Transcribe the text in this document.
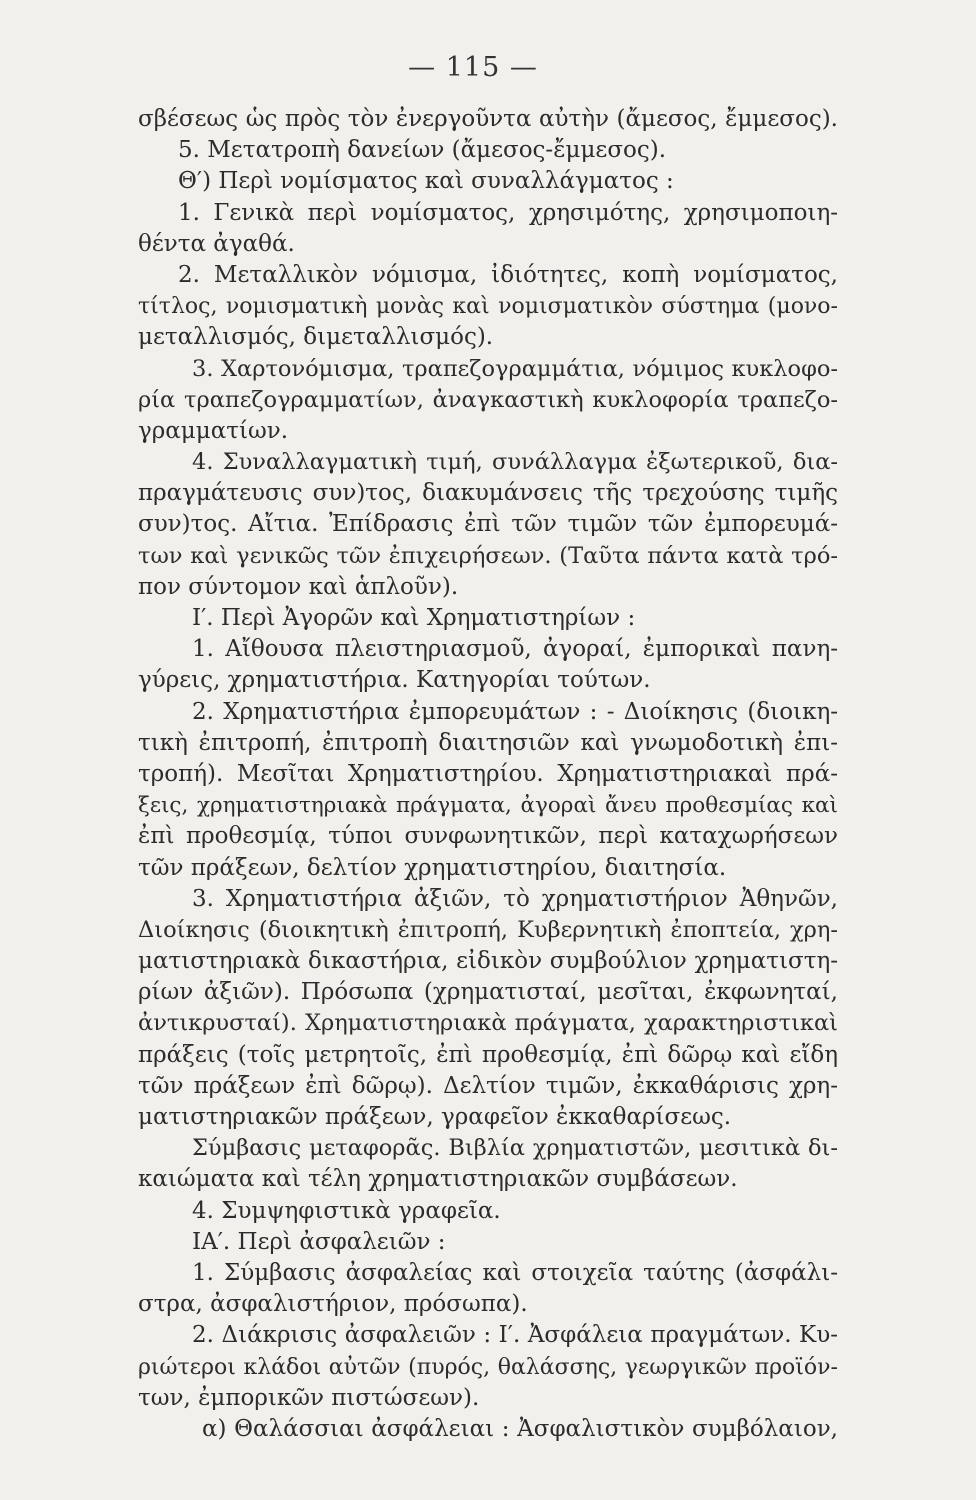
— 115 —
σβέσεως ὡς πρὸς τὸν ἐνεργοῦντα αὐτὴν (ἄμεσος, ἔμμεσος).
5. Μετατροπὴ δανείων (ἄμεσος-ἔμμεσος).
Θ′) Περὶ νομίσματος καὶ συναλλάγματος :
1. Γενικὰ περὶ νομίσματος, χρησιμότης, χρησιμοποιη-
θέντα ἀγαθά.
2. Μεταλλικὸν νόμισμα, ἰδιότητες, κοπὴ νομίσματος,
τίτλος, νομισματικὴ μονὰς καὶ νομισματικὸν σύστημα (μονο-
μεταλλισμός, διμεταλλισμός).
3. Χαρτονόμισμα, τραπεζογραμμάτια, νόμιμος κυκλοφο-
ρία τραπεζογραμματίων, ἀναγκαστικὴ κυκλοφορία τραπεζο-
γραμματίων.
4. Συναλλαγματικὴ τιμή, συνάλλαγμα ἐξωτερικοῦ, δια-
πραγμάτευσις συν)τος, διακυμάνσεις τῆς τρεχούσης τιμῆς
συν)τος. Αἴτια. Ἐπίδρασις ἐπὶ τῶν τιμῶν τῶν ἐμπορευμά-
των καὶ γενικῶς τῶν ἐπιχειρήσεων. (Ταῦτα πάντα κατὰ τρό-
πον σύντομον καὶ ἁπλοῦν).
Ι′. Περὶ Ἀγορῶν καὶ Χρηματιστηρίων :
1. Αἴθουσα πλειστηριασμοῦ, ἀγοραί, ἐμπορικαὶ πανη-
γύρεις, χρηματιστήρια. Κατηγορίαι τούτων.
2. Χρηματιστήρια ἐμπορευμάτων : - Διοίκησις (διοικη-
τικὴ ἐπιτροπή, ἐπιτροπὴ διαιτησιῶν καὶ γνωμοδοτικὴ ἐπι-
τροπή). Μεσῖται Χρηματιστηρίου. Χρηματιστηριακαὶ πρά-
ξεις, χρηματιστηριακὰ πράγματα, ἀγοραὶ ἄνευ προθεσμίας καὶ
ἐπὶ προθεσμίᾳ, τύποι συνφωνητικῶν, περὶ καταχωρήσεων
τῶν πράξεων, δελτίον χρηματιστηρίου, διαιτησία.
3. Χρηματιστήρια ἀξιῶν, τὸ χρηματιστήριον Ἀθηνῶν,
Διοίκησις (διοικητικὴ ἐπιτροπή, Κυβερνητικὴ ἐποπτεία, χρη-
ματιστηριακὰ δικαστήρια, εἰδικὸν συμβούλιον χρηματιστη-
ρίων ἀξιῶν). Πρόσωπα (χρηματισταί, μεσῖται, ἐκφωνηταί,
ἀντικρυσταί). Χρηματιστηριακὰ πράγματα, χαρακτηριστικαὶ
πράξεις (τοῖς μετρητοῖς, ἐπὶ προθεσμίᾳ, ἐπὶ δῶρῳ καὶ εἴδη
τῶν πράξεων ἐπὶ δῶρῳ). Δελτίον τιμῶν, ἐκκαθάρισις χρη-
ματιστηριακῶν πράξεων, γραφεῖον ἐκκαθαρίσεως.
Σύμβασις μεταφορᾶς. Βιβλία χρηματιστῶν, μεσιτικὰ δι-
καιώματα καὶ τέλη χρηματιστηριακῶν συμβάσεων.
4. Συμψηφιστικὰ γραφεῖα.
ΙΑ′. Περὶ ἀσφαλειῶν :
1. Σύμβασις ἀσφαλείας καὶ στοιχεῖα ταύτης (ἀσφάλι-
στρα, ἀσφαλιστήριον, πρόσωπα).
2. Διάκρισις ἀσφαλειῶν : Ι′. Ἀσφάλεια πραγμάτων. Κυ-
ριώτεροι κλάδοι αὐτῶν (πυρός, θαλάσσης, γεωργικῶν προϊόν-
των, ἐμπορικῶν πιστώσεων).
α) Θαλάσσιαι ἀσφάλειαι : Ἀσφαλιστικὸν συμβόλαιον,
